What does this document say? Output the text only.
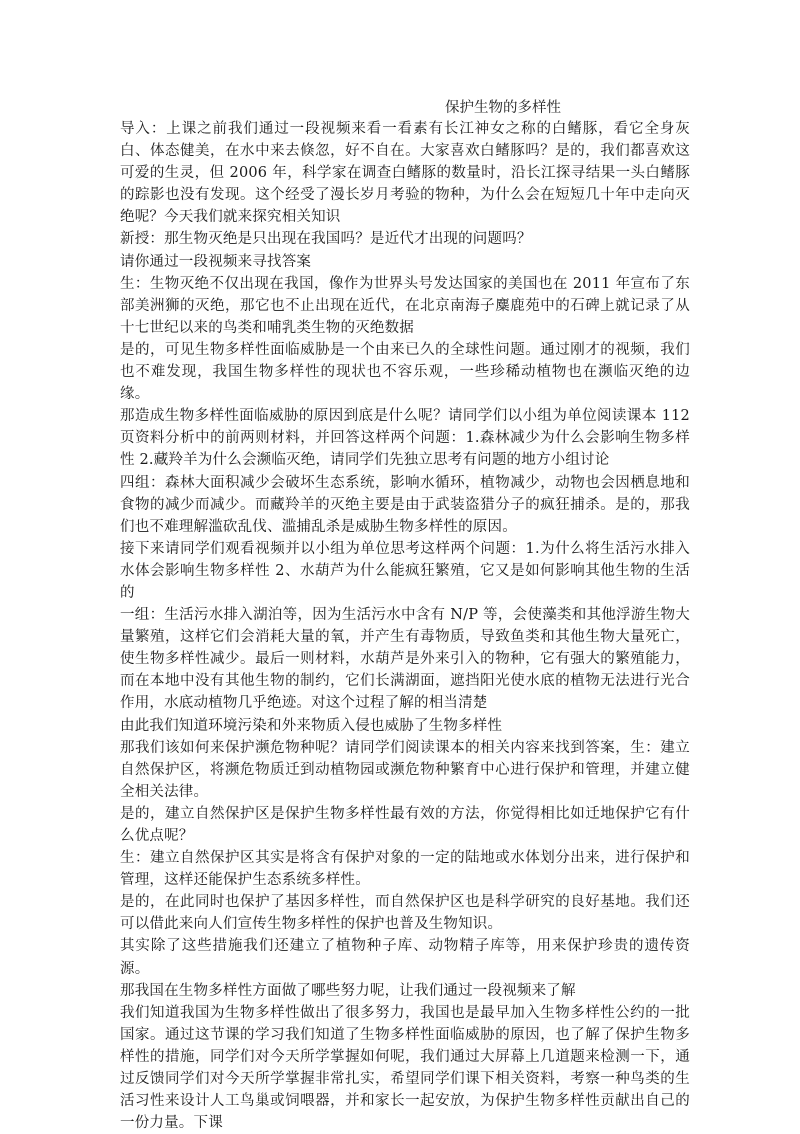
保护生物的多样性

导入：上课之前我们通过一段视频来看一看素有长江神女之称的白鳍豚，看它全身灰白、体态健美，在水中来去倏忽，好不自在。大家喜欢白鳍豚吗？是的，我们都喜欢这可爱的生灵，但 2006 年，科学家在调查白鳍豚的数量时，沿长江探寻结果一头白鳍豚的踪影也没有发现。这个经受了漫长岁月考验的物种，为什么会在短短几十年中走向灭绝呢？今天我们就来探究相关知识

新授：那生物灭绝是只出现在我国吗？是近代才出现的问题吗？

请你通过一段视频来寻找答案

生：生物灭绝不仅出现在我国，像作为世界头号发达国家的美国也在 2011 年宣布了东部美洲狮的灭绝，那它也不止出现在近代，在北京南海子麋鹿苑中的石碑上就记录了从十七世纪以来的鸟类和哺乳类生物的灭绝数据

是的，可见生物多样性面临威胁是一个由来已久的全球性问题。通过刚才的视频，我们也不难发现，我国生物多样性的现状也不容乐观，一些珍稀动植物也在濒临灭绝的边缘。

那造成生物多样性面临威胁的原因到底是什么呢？请同学们以小组为单位阅读课本 112 页资料分析中的前两则材料，并回答这样两个问题：1.森林减少为什么会影响生物多样性 2.藏羚羊为什么会濒临灭绝，请同学们先独立思考有问题的地方小组讨论

四组：森林大面积减少会破坏生态系统，影响水循环，植物减少，动物也会因栖息地和食物的减少而减少。而藏羚羊的灭绝主要是由于武装盗猎分子的疯狂捕杀。是的，那我们也不难理解滥砍乱伐、滥捕乱杀是威胁生物多样性的原因。

接下来请同学们观看视频并以小组为单位思考这样两个问题：1.为什么将生活污水排入水体会影响生物多样性 2、水葫芦为什么能疯狂繁殖，它又是如何影响其他生物的生活的

一组：生活污水排入湖泊等，因为生活污水中含有 N/P 等，会使藻类和其他浮游生物大量繁殖，这样它们会消耗大量的氧，并产生有毒物质，导致鱼类和其他生物大量死亡，使生物多样性减少。最后一则材料，水葫芦是外来引入的物种，它有强大的繁殖能力，而在本地中没有其他生物的制约，它们长满湖面，遮挡阳光使水底的植物无法进行光合作用，水底动植物几乎绝迹。对这个过程了解的相当清楚

由此我们知道环境污染和外来物质入侵也威胁了生物多样性

那我们该如何来保护濒危物种呢？请同学们阅读课本的相关内容来找到答案，生：建立自然保护区，将濒危物质迁到动植物园或濒危物种繁育中心进行保护和管理，并建立健全相关法律。

是的，建立自然保护区是保护生物多样性最有效的方法，你觉得相比如迁地保护它有什么优点呢？

生：建立自然保护区其实是将含有保护对象的一定的陆地或水体划分出来，进行保护和管理，这样还能保护生态系统多样性。

是的，在此同时也保护了基因多样性，而自然保护区也是科学研究的良好基地。我们还可以借此来向人们宣传生物多样性的保护也普及生物知识。

其实除了这些措施我们还建立了植物种子库、动物精子库等，用来保护珍贵的遗传资源。

那我国在生物多样性方面做了哪些努力呢，让我们通过一段视频来了解

我们知道我国为生物多样性做出了很多努力，我国也是最早加入生物多样性公约的一批国家。通过这节课的学习我们知道了生物多样性面临威胁的原因，也了解了保护生物多样性的措施，同学们对今天所学掌握如何呢，我们通过大屏幕上几道题来检测一下，通过反馈同学们对今天所学掌握非常扎实，希望同学们课下相关资料，考察一种鸟类的生活习性来设计人工鸟巢或饲喂器，并和家长一起安放，为保护生物多样性贡献出自己的一份力量。下课
